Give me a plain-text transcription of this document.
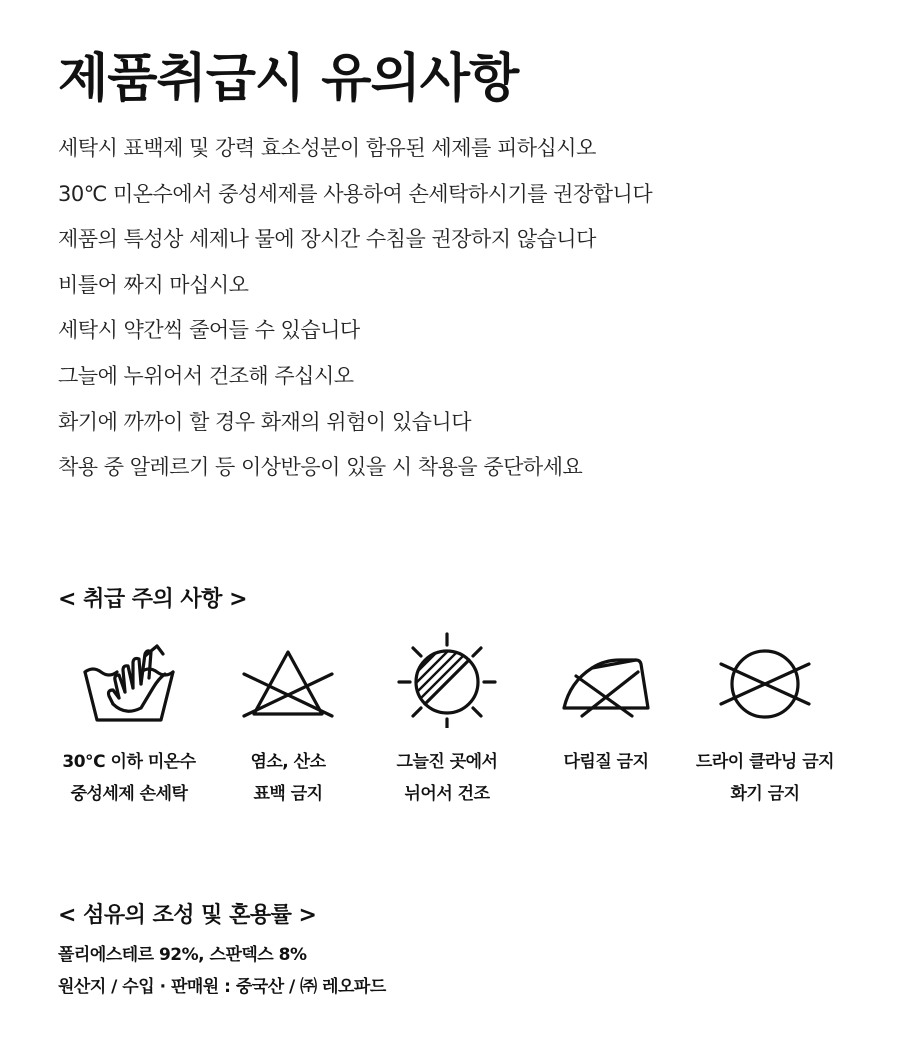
제품취급시 유의사항
세탁시 표백제 및 강력 효소성분이 함유된 세제를 피하십시오
30℃ 미온수에서 중성세제를 사용하여 손세탁하시기를 권장합니다
제품의 특성상 세제나 물에 장시간 수침을 권장하지 않습니다
비틀어 짜지 마십시오
세탁시 약간씩 줄어들 수 있습니다
그늘에 누위어서 건조해 주십시오
화기에 까까이 할 경우 화재의 위험이 있습니다
착용 중 알레르기 등 이상반응이 있을 시 착용을 중단하세요
< 취급 주의 사항 >
30℃ 이하 미온수
중성세제 손세탁
염소, 산소
표백 금지
그늘진 곳에서
뉘어서 건조
다림질 금지	드라이 클라닝 금지
화기 금지
< 섬유의 조성 및 혼용률 >

폴리에스테르 92%, 스판덱스 8%

원산지 / 수입 · 판매원 : 중국산 / ㈜ 레오파드
